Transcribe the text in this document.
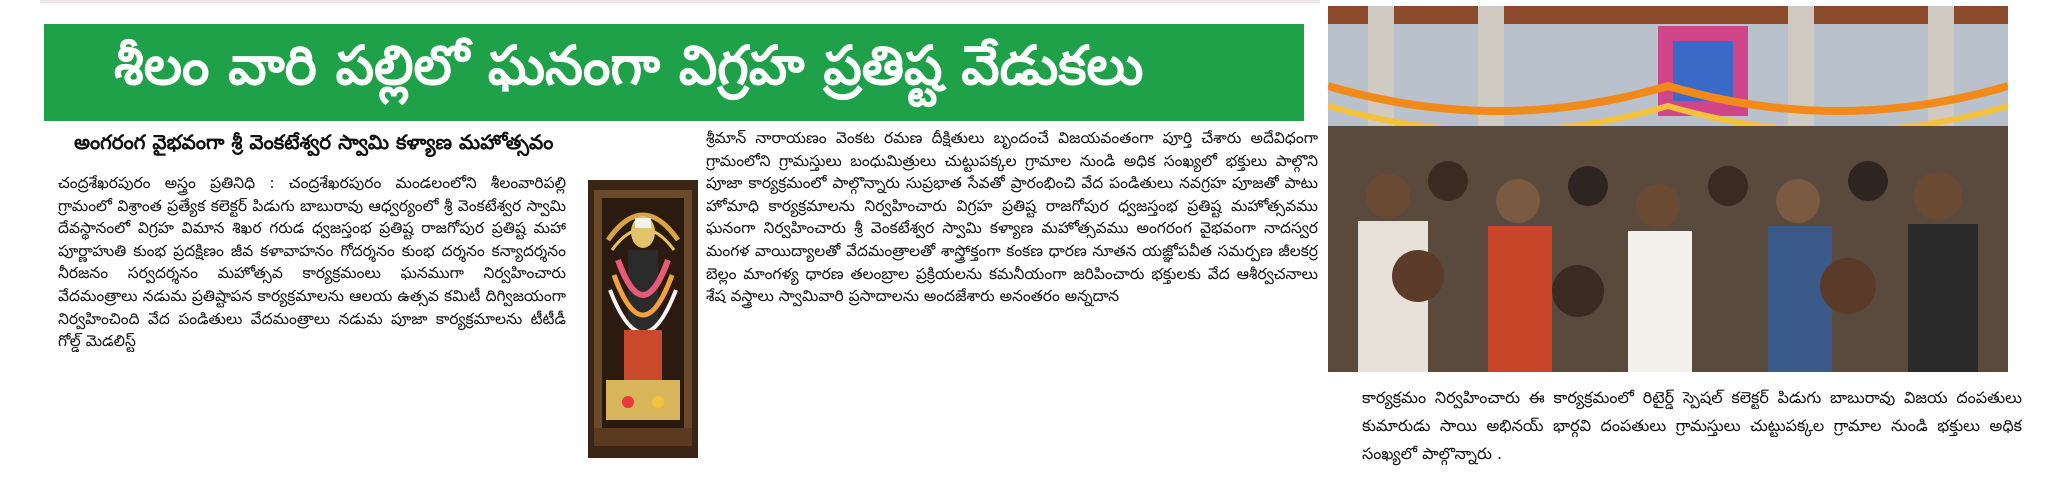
శీలం వారి పల్లిలో ఘనంగా విగ్రహ ప్రతిష్ట వేడుకలు
అంగరంగ వైభవంగా శ్రీ వెంకటేశ్వర స్వామి కళ్యాణ మహోత్సవం
చంద్రశేఖరపురం అస్త్రం ప్రతినిధి : చంద్రశేఖరపురం మండలంలోని శీలంవారిపల్లి గ్రామంలో విశ్రాంత ప్రత్యేక కలెక్టర్ పిడుగు బాబురావు ఆధ్వర్యంలో శ్రీ వెంకటేశ్వర స్వామి దేవస్థానంలో విగ్రహ విమాన శిఖర గరుడ ధ్వజస్తంభ ప్రతిష్ట రాజగోపుర ప్రతిష్ట మహా పూర్ణాహుతి కుంభ ప్రదక్షిణం జీవ కళావాహనం గోదర్శనం కుంభ దర్శనం కన్యాదర్శనం నీరజనం సర్వదర్శనం మహోత్సవ కార్యక్రమంలు ఘనముగా నిర్వహించారు వేదమంత్రాలు నడుమ ప్రతిష్టాపన కార్యక్రమాలను ఆలయ ఉత్సవ కమిటీ దిగ్విజయంగా నిర్వహించింది వేద పండితులు వేదమంత్రాలు నడుమ పూజా కార్యక్రమాలను టీటీడీ గోల్డ్ మెడలిస్ట్
శ్రీమాన్ నారాయణం వెంకట రమణ దీక్షితులు బృందంచే విజయవంతంగా పూర్తి చేశారు అదేవిధంగా గ్రామంలోని గ్రామస్తులు బంధుమిత్రులు చుట్టుపక్కల గ్రామాల నుండి అధిక సంఖ్యలో భక్తులు పాల్గొని పూజా కార్యక్రమంలో పాల్గొన్నారు సుప్రభాత సేవతో ప్రారంభించి వేద పండితులు నవగ్రహ పూజతో పాటు హోమాధి కార్యక్రమాలను నిర్వహించారు విగ్రహ ప్రతిష్ట రాజగోపుర ధ్వజస్తంభ ప్రతిష్ట మహోత్సవము ఘనంగా నిర్వహించారు శ్రీ వెంకటేశ్వర స్వామి కళ్యాణ మహోత్సవము అంగరంగ వైభవంగా నాదస్వర మంగళ వాయిద్యాలతో వేదమంత్రాలతో శాస్త్రోక్తంగా కంకణ ధారణ నూతన యజ్ఞోపవీత సమర్పణ జీలకర్ర బెల్లం మాంగళ్య ధారణ తలంబ్రాల ప్రక్రియలను కమనీయంగా జరిపించారు భక్తులకు వేద ఆశీర్వచనాలు శేష వస్త్రాలు స్వామివారి ప్రసాదాలను అందజేశారు అనంతరం అన్నదాన
కార్యక్రమం నిర్వహించారు ఈ కార్యక్రమంలో రిటైర్డ్ స్పెషల్ కలెక్టర్ పిడుగు బాబురావు విజయ దంపతులు కుమారుడు సాయి అభినయ్ భార్గవి దంపతులు గ్రామస్తులు చుట్టుపక్కల గ్రామాల నుండి భక్తులు అధిక సంఖ్యలో పాల్గొన్నారు .
